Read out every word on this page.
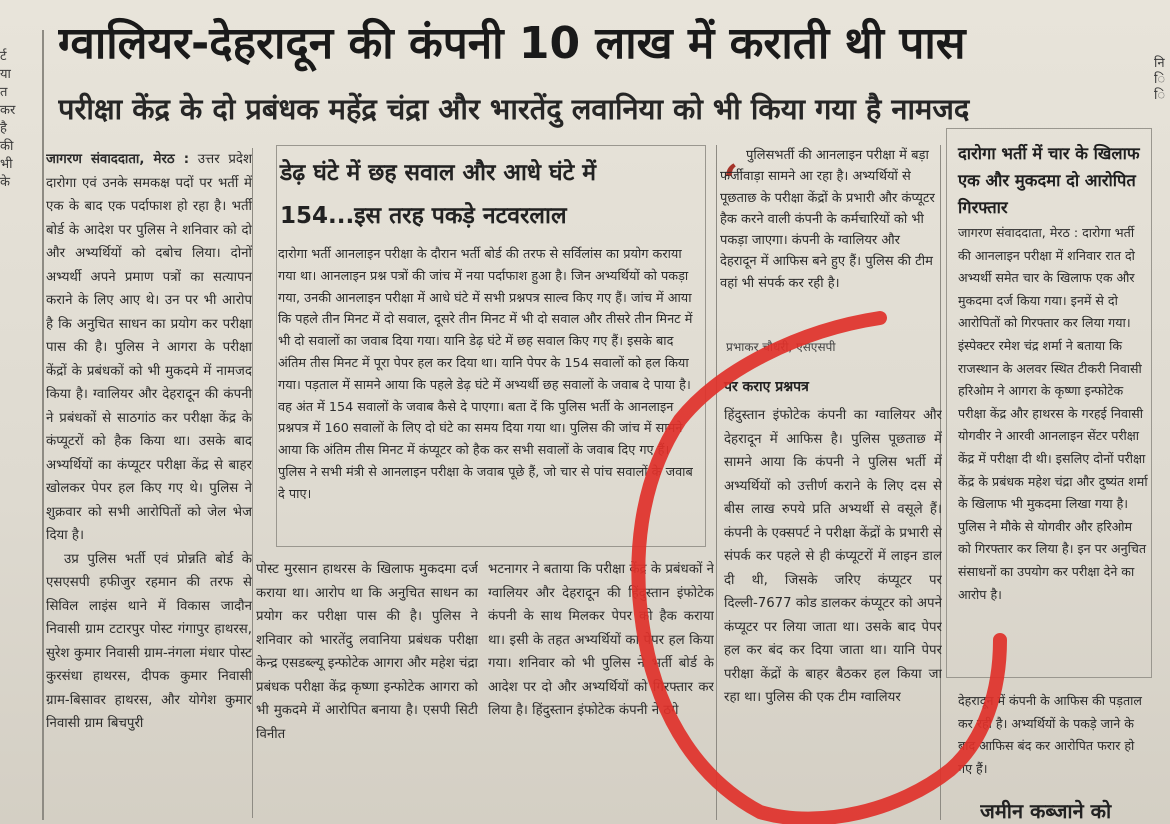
र्ट
या
त
कर
है
की
भी
के

नि
ि
ि
ग्वालियर-देहरादून की कंपनी 10 लाख में कराती थी पास
परीक्षा केंद्र के दो प्रबंधक महेंद्र चंद्रा और भारतेंदु लवानिया को भी किया गया है नामजद

जागरण संवाददाता, मेरठ : उत्तर प्रदेश दारोगा एवं उनके समकक्ष पदों पर भर्ती में एक के बाद एक पर्दाफाश हो रहा है। भर्ती बोर्ड के आदेश पर पुलिस ने शनिवार को दो और अभ्यर्थियों को दबोच लिया। दोनों अभ्यर्थी अपने प्रमाण पत्रों का सत्यापन कराने के लिए आए थे। उन पर भी आरोप है कि अनुचित साधन का प्रयोग कर परीक्षा पास की है। पुलिस ने आगरा के परीक्षा केंद्रों के प्रबंधकों को भी मुकदमे में नामजद किया है। ग्वालियर और देहरादून की कंपनी ने प्रबंधकों से साठगांठ कर परीक्षा केंद्र के कंप्यूटरों को हैक किया था। उसके बाद अभ्यर्थियों का कंप्यूटर परीक्षा केंद्र से बाहर खोलकर पेपर हल किए गए थे। पुलिस ने शुक्रवार को सभी आरोपितों को जेल भेज दिया है।

उप्र पुलिस भर्ती एवं प्रोन्नति बोर्ड के एसएसपी हफीजुर रहमान की तरफ से सिविल लाइंस थाने में विकास जादौन निवासी ग्राम टटारपुर पोस्ट गंगापुर हाथरस, सुरेश कुमार निवासी ग्राम-नंगला मंधार पोस्ट कुरसंधा हाथरस, दीपक कुमार निवासी ग्राम-बिसावर हाथरस, और योगेश कुमार निवासी ग्राम बिचपुरी

डेढ़ घंटे में छह सवाल और आधे घंटे में
154...इस तरह पकड़े नटवरलाल
दारोगा भर्ती आनलाइन परीक्षा के दौरान भर्ती बोर्ड की तरफ से सर्विलांस का प्रयोग कराया गया था। आनलाइन प्रश्न पत्रों की जांच में नया पर्दाफाश हुआ है। जिन अभ्यर्थियों को पकड़ा गया, उनकी आनलाइन परीक्षा में आधे घंटे में सभी प्रश्नपत्र साल्व किए गए हैं। जांच में आया कि पहले तीन मिनट में दो सवाल, दूसरे तीन मिनट में भी दो सवाल और तीसरे तीन मिनट में भी दो सवालों का जवाब दिया गया। यानि डेढ़ घंटे में छह सवाल किए गए हैं। इसके बाद अंतिम तीस मिनट में पूरा पेपर हल कर दिया था। यानि पेपर के 154 सवालों को हल किया गया। पड़ताल में सामने आया कि पहले डेढ़ घंटे में अभ्यर्थी छह सवालों के जवाब दे पाया है। वह अंत में 154 सवालों के जवाब कैसे दे पाएगा। बता दें कि पुलिस भर्ती के आनलाइन प्रश्नपत्र में 160 सवालों के लिए दो घंटे का समय दिया गया था। पुलिस की जांच में सामने आया कि अंतिम तीस मिनट में कंप्यूटर को हैक कर सभी सवालों के जवाब दिए गए हैं। पुलिस ने सभी मंत्री से आनलाइन परीक्षा के जवाब पूछे हैं, जो चार से पांच सवालों के जवाब दे पाए।
पोस्ट मुरसान हाथरस के खिलाफ मुकदमा दर्ज कराया था। आरोप था कि अनुचित साधन का प्रयोग कर परीक्षा पास की है। पुलिस ने शनिवार को भारतेंदु लवानिया प्रबंधक परीक्षा केन्द्र एसडब्ल्यू इन्फोटेक आगरा और महेश चंद्रा प्रबंधक परीक्षा केंद्र कृष्णा इन्फोटेक आगरा को भी मुकदमे में आरोपित बनाया है। एसपी सिटी विनीत
भटनागर ने बताया कि परीक्षा केंद्र के प्रबंधकों ने ग्वालियर और देहरादून की हिंदुस्तान इंफोटेक कंपनी के साथ मिलकर पेपर को हैक कराया था। इसी के तहत अभ्यर्थियों का पेपर हल किया गया। शनिवार को भी पुलिस ने भर्ती बोर्ड के आदेश पर दो और अभ्यर्थियों को गिरफ्तार कर लिया है। हिंदुस्तान इंफोटेक कंपनी ने ठगे
‘
पुलिसभर्ती की आनलाइन परीक्षा में बड़ा फर्जीवाड़ा सामने आ रहा है। अभ्यर्थियों से पूछताछ के परीक्षा केंद्रों के प्रभारी और कंप्यूटर हैक करने वाली कंपनी के कर्मचारियों को भी पकड़ा जाएगा। कंपनी के ग्वालियर और देहरादून में आफिस बने हुए हैं। पुलिस की टीम वहां भी संपर्क कर रही है।
प्रभाकर चौधरी, एसएसपी
पर कराए प्रश्नपत्र
हिंदुस्तान इंफोटेक कंपनी का ग्वालियर और देहरादून में आफिस है। पुलिस पूछताछ में सामने आया कि कंपनी ने पुलिस भर्ती में अभ्यर्थियों को उत्तीर्ण कराने के लिए दस से बीस लाख रुपये प्रति अभ्यर्थी से वसूले हैं। कंपनी के एक्सपर्ट ने परीक्षा केंद्रों के प्रभारी से संपर्क कर पहले से ही कंप्यूटरों में लाइन डाल दी थी, जिसके जरिए कंप्यूटर पर दिल्ली-7677 कोड डालकर कंप्यूटर को अपने कंप्यूटर पर लिया जाता था। उसके बाद पेपर हल कर बंद कर दिया जाता था। यानि पेपर परीक्षा केंद्रों के बाहर बैठकर हल किया जा रहा था। पुलिस की एक टीम ग्वालियर
दारोगा भर्ती में चार के खिलाफ एक और मुकदमा दो आरोपित गिरफ्तार
जागरण संवाददाता, मेरठ : दारोगा भर्ती की आनलाइन परीक्षा में शनिवार रात दो अभ्यर्थी समेत चार के खिलाफ एक और मुकदमा दर्ज किया गया। इनमें से दो आरोपितों को गिरफ्तार कर लिया गया। इंस्पेक्टर रमेश चंद्र शर्मा ने बताया कि राजस्थान के अलवर स्थित टीकरी निवासी हरिओम ने आगरा के कृष्णा इन्फोटेक परीक्षा केंद्र और हाथरस के गरहई निवासी योगवीर ने आरवी आनलाइन सेंटर परीक्षा केंद्र में परीक्षा दी थी। इसलिए दोनों परीक्षा केंद्र के प्रबंधक महेश चंद्रा और दुष्यंत शर्मा के खिलाफ भी मुकदमा लिखा गया है। पुलिस ने मौके से योगवीर और हरिओम को गिरफ्तार कर लिया है। इन पर अनुचित संसाधनों का उपयोग कर परीक्षा देने का आरोप है।
देहरादून में कंपनी के आफिस की पड़ताल कर रही है। अभ्यर्थियों के पकड़े जाने के बाद आफिस बंद कर आरोपित फरार हो गए हैं।
जमीन कब्जाने को
